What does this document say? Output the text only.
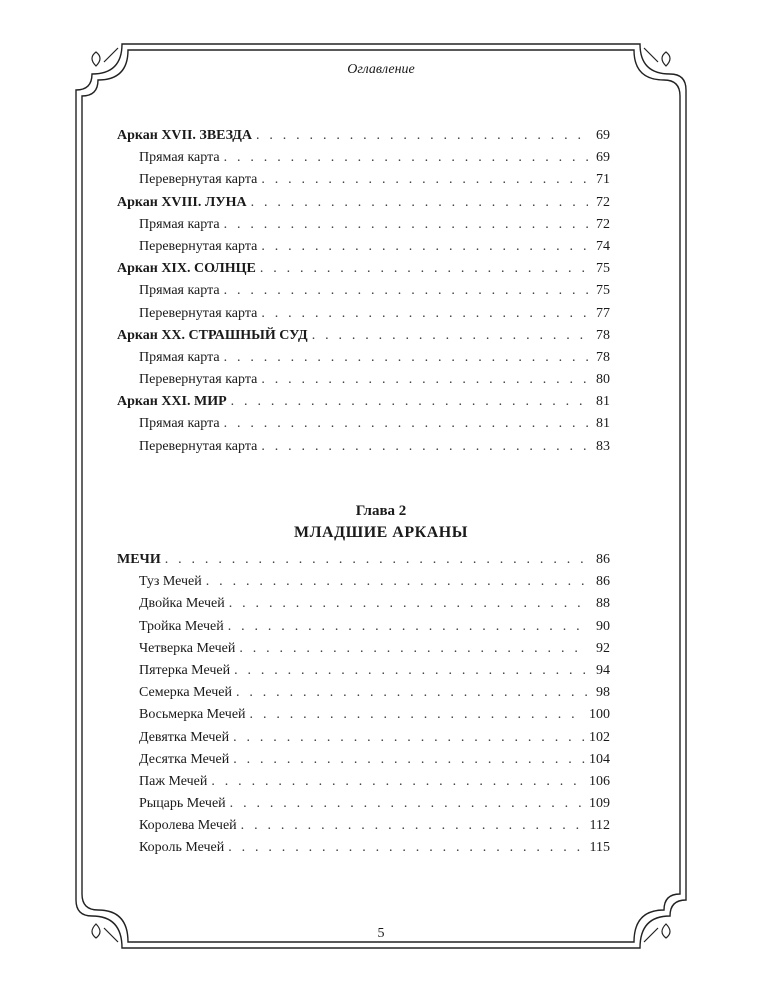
Оглавление
Аркан XVII. ЗВЕЗДА . . .	69
Прямая карта . . .	69
Перевернутая карта . . .	71
Аркан XVIII. ЛУНА . . .	72
Прямая карта . . .	72
Перевернутая карта . . .	74
Аркан XIX. СОЛНЦЕ . . .	75
Прямая карта . . .	75
Перевернутая карта . . .	77
Аркан XX. СТРАШНЫЙ СУД . . .	78
Прямая карта . . .	78
Перевернутая карта . . .	80
Аркан XXI. МИР . . .	81
Прямая карта . . .	81
Перевернутая карта . . .	83
Глава 2
МЛАДШИЕ АРКАНЫ
МЕЧИ . . .	86
Туз Мечей . . .	86
Двойка Мечей . . .	88
Тройка Мечей . . .	90
Четверка Мечей . . .	92
Пятерка Мечей . . .	94
Семерка Мечей . . .	98
Восьмерка Мечей . . .	100
Девятка Мечей . . .	102
Десятка Мечей . . .	104
Паж Мечей . . .	106
Рыцарь Мечей . . .	109
Королева Мечей . . .	112
Король Мечей . . .	115
5
